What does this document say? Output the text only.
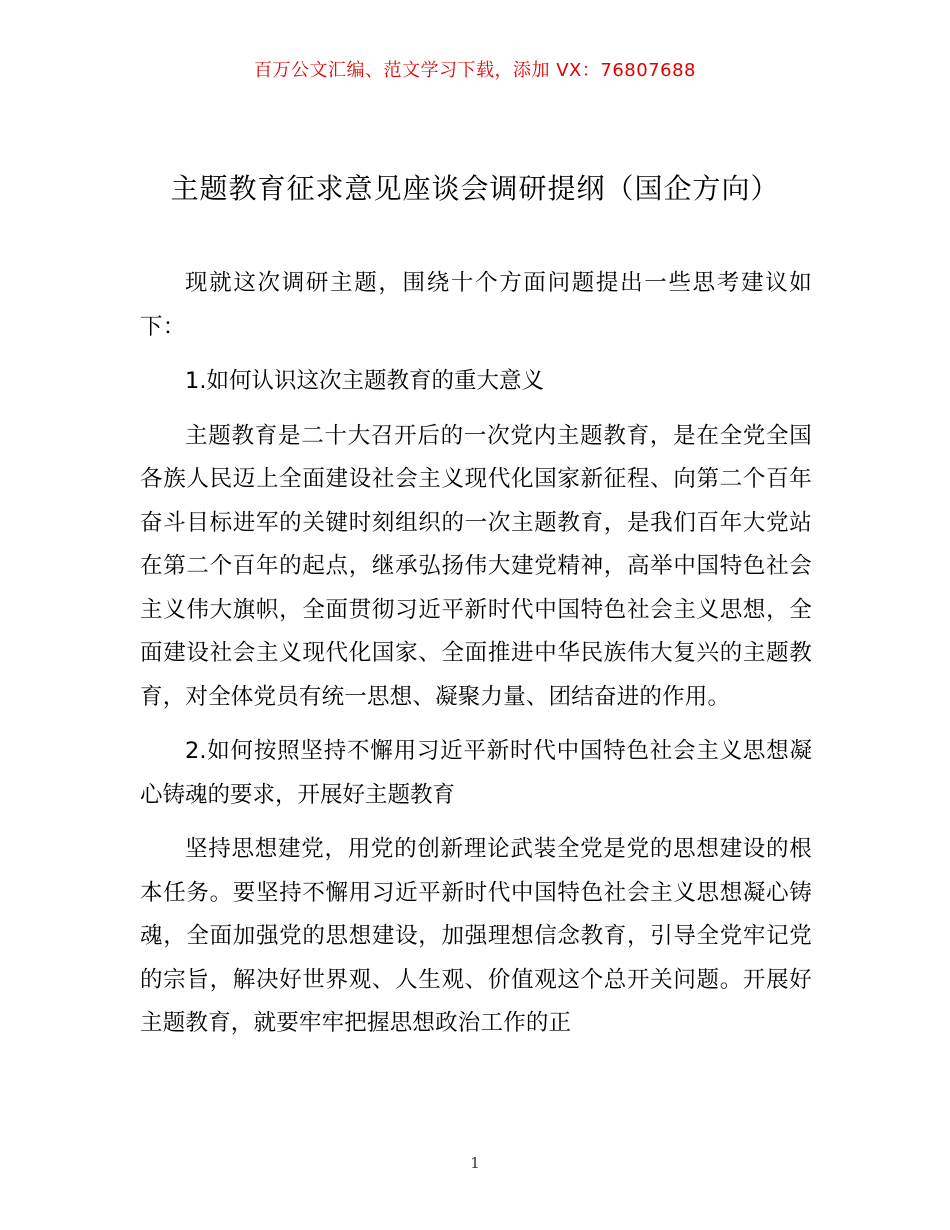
百万公文汇编、范文学习下载，添加 VX：76807688
主题教育征求意见座谈会调研提纲（国企方向）

现就这次调研主题，围绕十个方面问题提出一些思考建议如下：

1.如何认识这次主题教育的重大意义

主题教育是二十大召开后的一次党内主题教育，是在全党全国各族人民迈上全面建设社会主义现代化国家新征程、向第二个百年奋斗目标进军的关键时刻组织的一次主题教育，是我们百年大党站在第二个百年的起点，继承弘扬伟大建党精神，高举中国特色社会主义伟大旗帜，全面贯彻习近平新时代中国特色社会主义思想，全面建设社会主义现代化国家、全面推进中华民族伟大复兴的主题教育，对全体党员有统一思想、凝聚力量、团结奋进的作用。

2.如何按照坚持不懈用习近平新时代中国特色社会主义思想凝心铸魂的要求，开展好主题教育

坚持思想建党，用党的创新理论武装全党是党的思想建设的根本任务。要坚持不懈用习近平新时代中国特色社会主义思想凝心铸魂，全面加强党的思想建设，加强理想信念教育，引导全党牢记党的宗旨，解决好世界观、人生观、价值观这个总开关问题。开展好主题教育，就要牢牢把握思想政治工作的正

1
